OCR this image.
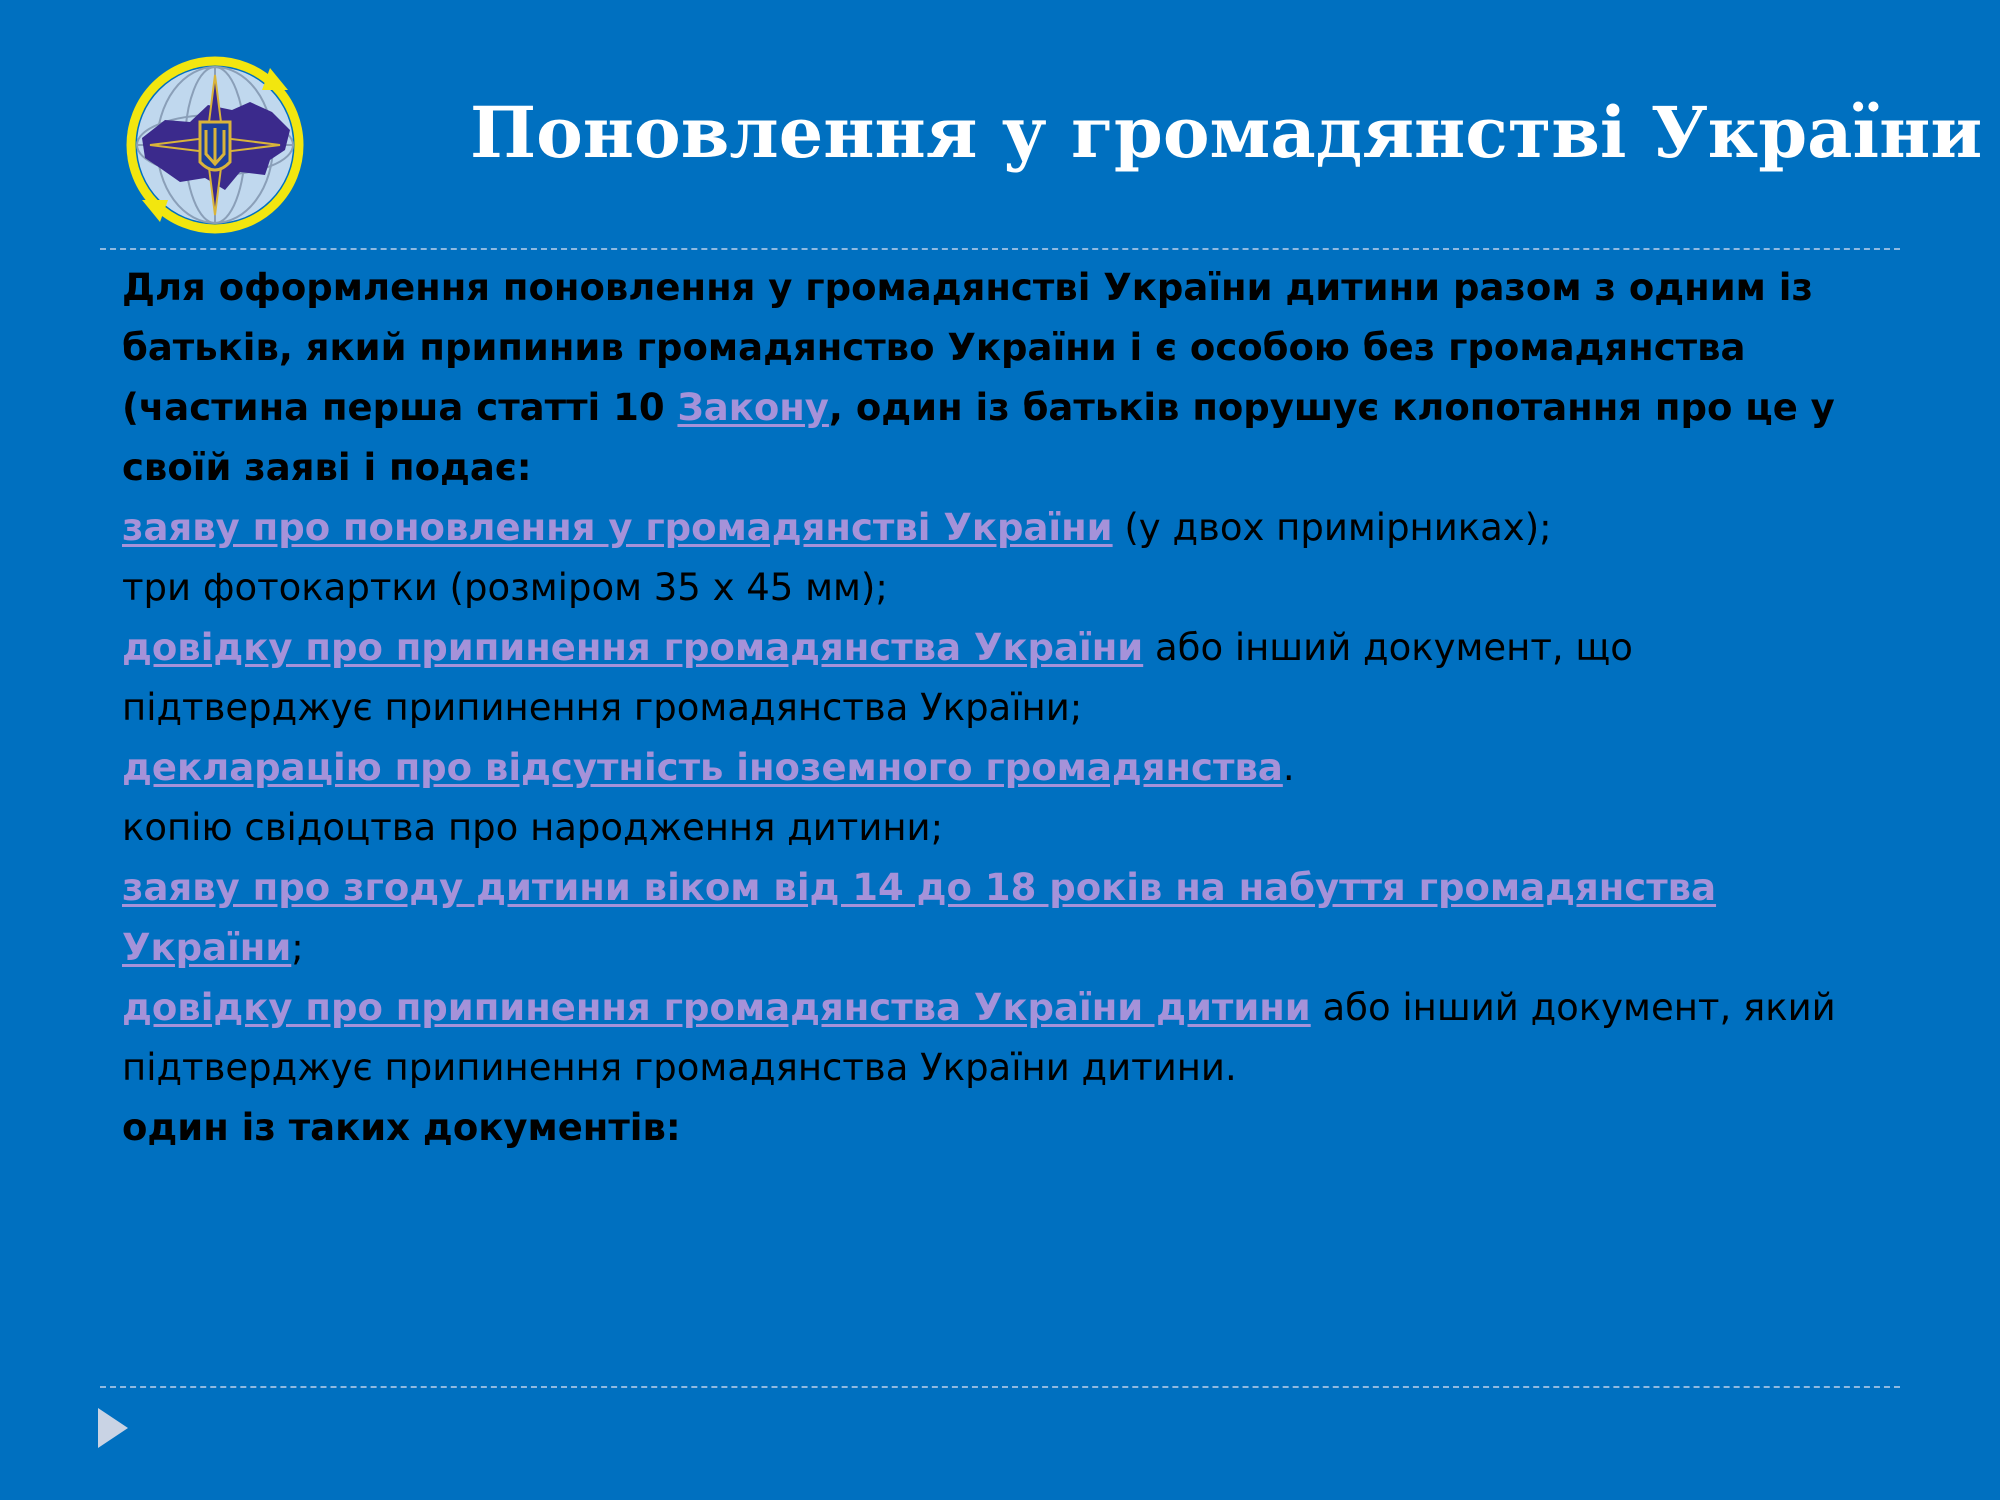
Поновлення у громадянстві України

Для оформлення поновлення у громадянстві України дитини разом з одним із батьків, який припинив громадянство України і є особою без громадянства (частина перша статті 10 Закону, один із батьків порушує клопотання про це у своїй заяві і подає:

заяву про поновлення у громадянстві України (у двох примірниках);

три фотокартки (розміром 35 х 45 мм);

довідку про припинення громадянства України або інший документ, що підтверджує припинення громадянства України;

декларацію про відсутність іноземного громадянства.

копію свідоцтва про народження дитини;

заяву про згоду дитини віком від 14 до 18 років на набуття громадянства України;

довідку про припинення громадянства України дитини або інший документ, який підтверджує припинення громадянства України дитини.

один із таких документів:
